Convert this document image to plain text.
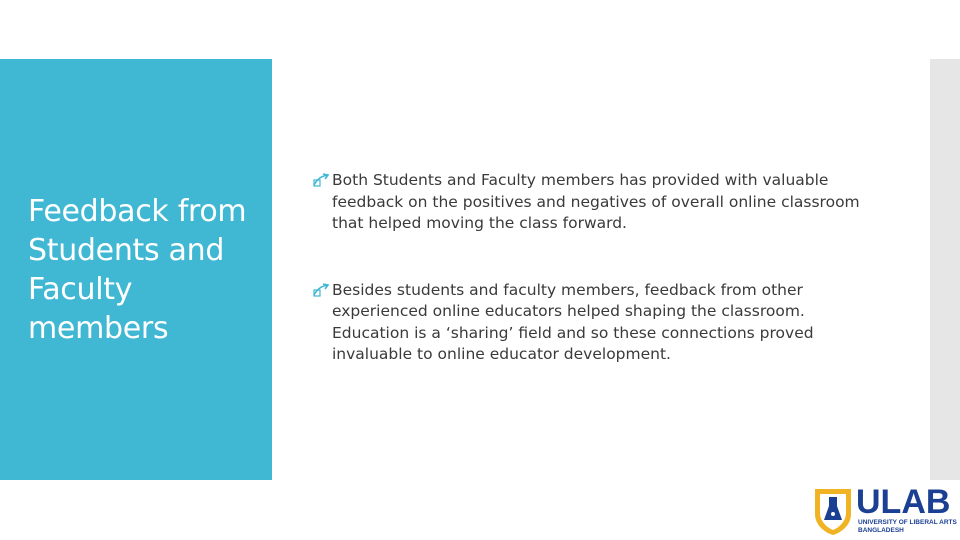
Feedback from Students and Faculty members
Both Students and Faculty members has provided with valuable feedback on the positives and negatives of overall online classroom that helped moving the class forward.
Besides students and faculty members, feedback from other experienced online educators helped shaping the classroom. Education is a ‘sharing’ field and so these connections proved invaluable to online educator development.
ULAB
UNIVERSITY OF LIBERAL ARTS
BANGLADESH
